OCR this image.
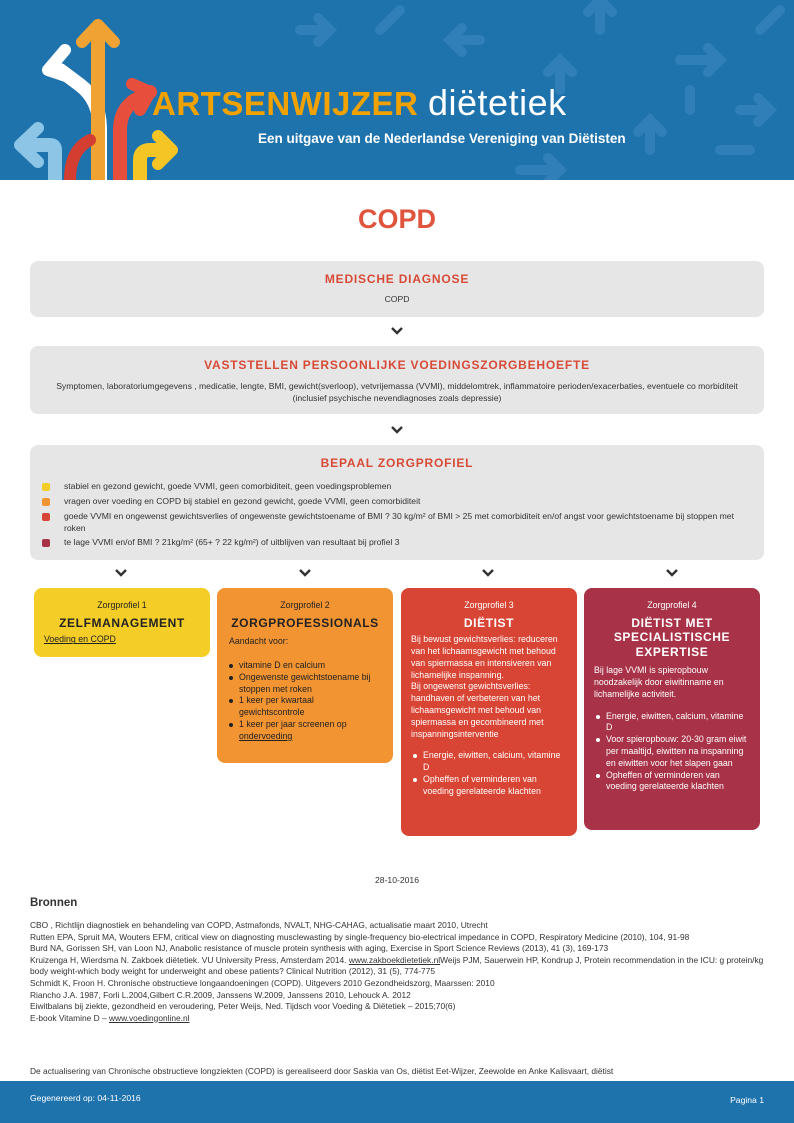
ARTSENWIJZER diëtetiek
Een uitgave van de Nederlandse Vereniging van Diëtisten
COPD
MEDISCHE DIAGNOSE
COPD
VASTSTELLEN PERSOONLIJKE VOEDINGSZORGBEHOEFTE
Symptomen, laboratoriumgegevens , medicatie, lengte, BMI, gewicht(sverloop), vetvrijemassa (VVMI), middelomtrek, inflammatoire perioden/exacerbaties, eventuele co morbiditeit (inclusief psychische nevendiagnoses zoals depressie)
BEPAAL ZORGPROFIEL
stabiel en gezond gewicht, goede VVMI, geen comorbiditeit, geen voedingsproblemen
vragen over voeding en COPD bij stabiel en gezond gewicht, goede VVMI, geen comorbiditeit
goede VVMI en ongewenst gewichtsverlies of ongewenste gewichtstoename of BMI ? 30 kg/m² of BMI > 25 met comorbiditeit en/of angst voor gewichtstoename bij stoppen met roken
te lage VVMI en/of BMI ? 21kg/m² (65+ ? 22 kg/m²) of uitblijven van resultaat bij profiel 3
Zorgprofiel 1
ZELFMANAGEMENT
Voeding en COPD
Zorgprofiel 2
ZORGPROFESSIONALS
Aandacht voor:
vitamine D en calcium
Ongewenste gewichtstoename bij stoppen met roken
1 keer per kwartaal gewichtscontrole
1 keer per jaar screenen op
ondervoeding
Zorgprofiel 3
DIËTIST
Bij bewust gewichtsverlies: reduceren van het lichaamsgewicht met behoud van spiermassa en intensiveren van lichamelijke inspanning.
Bij ongewenst gewichtsverlies: handhaven of verbeteren van het lichaamsgewicht met behoud van spiermassa en gecombineerd met inspanningsinterventie
Energie, eiwitten, calcium, vitamine D
Opheffen of verminderen van voeding gerelateerde klachten
Zorgprofiel 4
DIËTIST MET SPECIALISTISCHE EXPERTISE
Bij lage VVMI is spieropbouw noodzakelijk door eiwitinname en lichamelijke activiteit.
Energie, eiwitten, calcium, vitamine D
Voor spieropbouw: 20-30 gram eiwit per maaltijd, eiwitten na inspanning en eiwitten voor het slapen gaan
Opheffen of verminderen van voeding gerelateerde klachten
28-10-2016
Bronnen
CBO , Richtlijn diagnostiek en behandeling van COPD, Astmafonds, NVALT, NHG-CAHAG, actualisatie maart 2010, Utrecht
Rutten EPA, Spruit MA, Wouters EFM, critical view on diagnosting musclewasting by single-frequency bio-electrical impedance in COPD, Respiratory Medicine (2010), 104, 91-98
Burd NA, Gorissen SH, van Loon NJ, Anabolic resistance of muscle protein synthesis with aging, Exercise in Sport Science Reviews (2013), 41 (3), 169-173
Kruizenga H, Wierdsma N. Zakboek diëtetiek. VU University Press, Amsterdam 2014. www.zakboekdietetiek.nlWeijs PJM, Sauerwein HP, Kondrup J, Protein recommendation in the ICU: g protein/kg body weight-which body weight for underweight and obese patients? Clinical Nutrition (2012), 31 (5), 774-775
Schmidt K, Froon H. Chronische obstructieve longaandoeningen (COPD). Uitgevers 2010 Gezondheidszorg, Maarssen: 2010
Riancho J.A. 1987, Forli L.2004,Gilbert C.R.2009, Janssens W.2009, Janssens 2010, Lehouck A. 2012
Eiwitbalans bij ziekte, gezondheid en veroudering, Peter Weijs, Ned. Tijdsch voor Voeding & Diëtetiek – 2015;70(6)
E-book Vitamine D – www.voedingonline.nl
De actualisering van Chronische obstructieve longziekten (COPD) is gerealiseerd door Saskia van Os, diëtist Eet-Wijzer, Zeewolde en Anke Kalisvaart, diëtist
Gegenereerd op: 04-11-2016	Pagina 1
